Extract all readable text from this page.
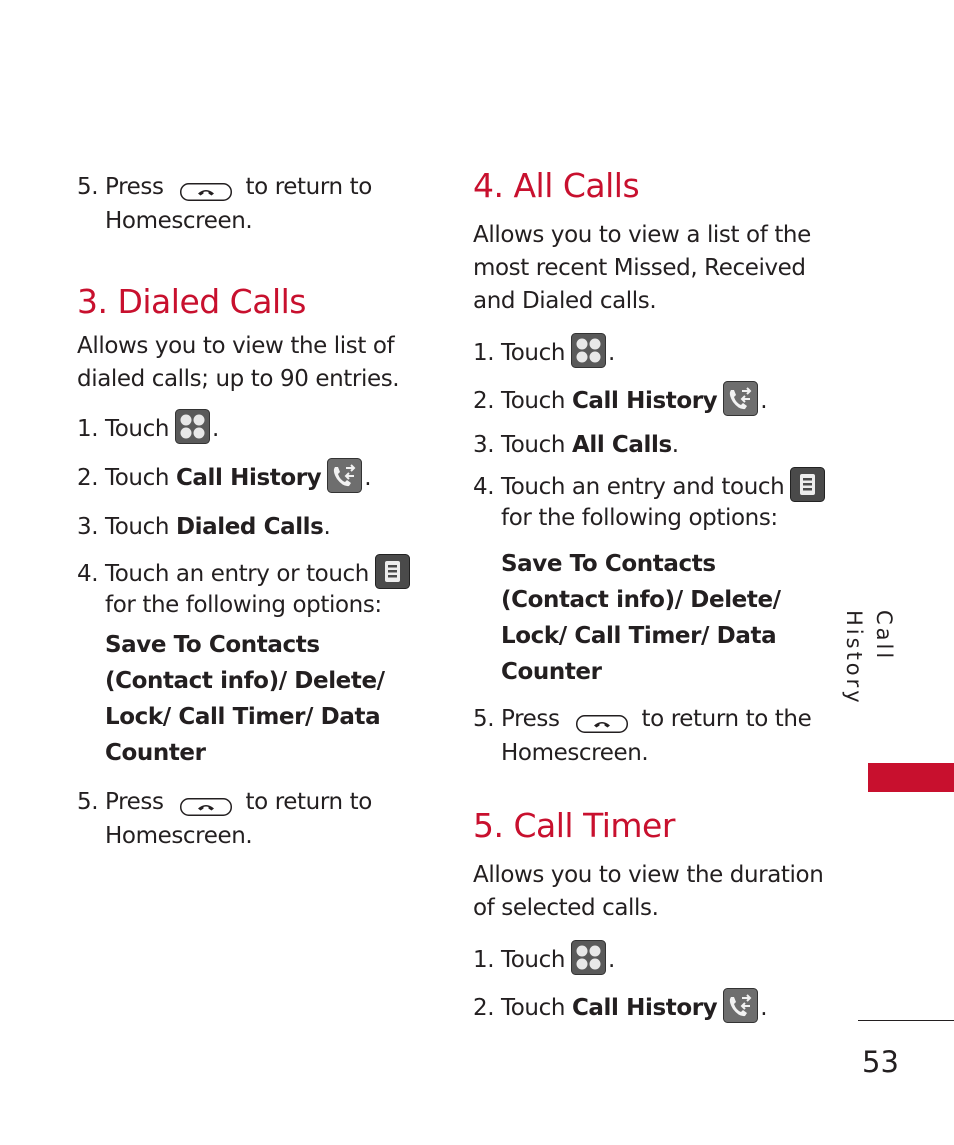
5. Press	to return to Homescreen.
3. Dialed Calls

Allows you to view the list of dialed calls; up to 90 entries.

1. Touch .
2. Touch Call History .
3. Touch Dialed Calls.
4. Touch an entry or touch for the following options:
Save To Contacts (Contact info)/ Delete/ Lock/ Call Timer/ Data Counter
5. Press	to return to Homescreen.
4. All Calls

Allows you to view a list of the most recent Missed, Received and Dialed calls.

1. Touch .
2. Touch Call History .
3. Touch All Calls.
4. Touch an entry and touch for the following options:
Save To Contacts (Contact info)/ Delete/ Lock/ Call Timer/ Data Counter
5. Press	to return to the Homescreen.
5. Call Timer

Allows you to view the duration of selected calls.

1. Touch .
2. Touch Call History .
Call History
53
